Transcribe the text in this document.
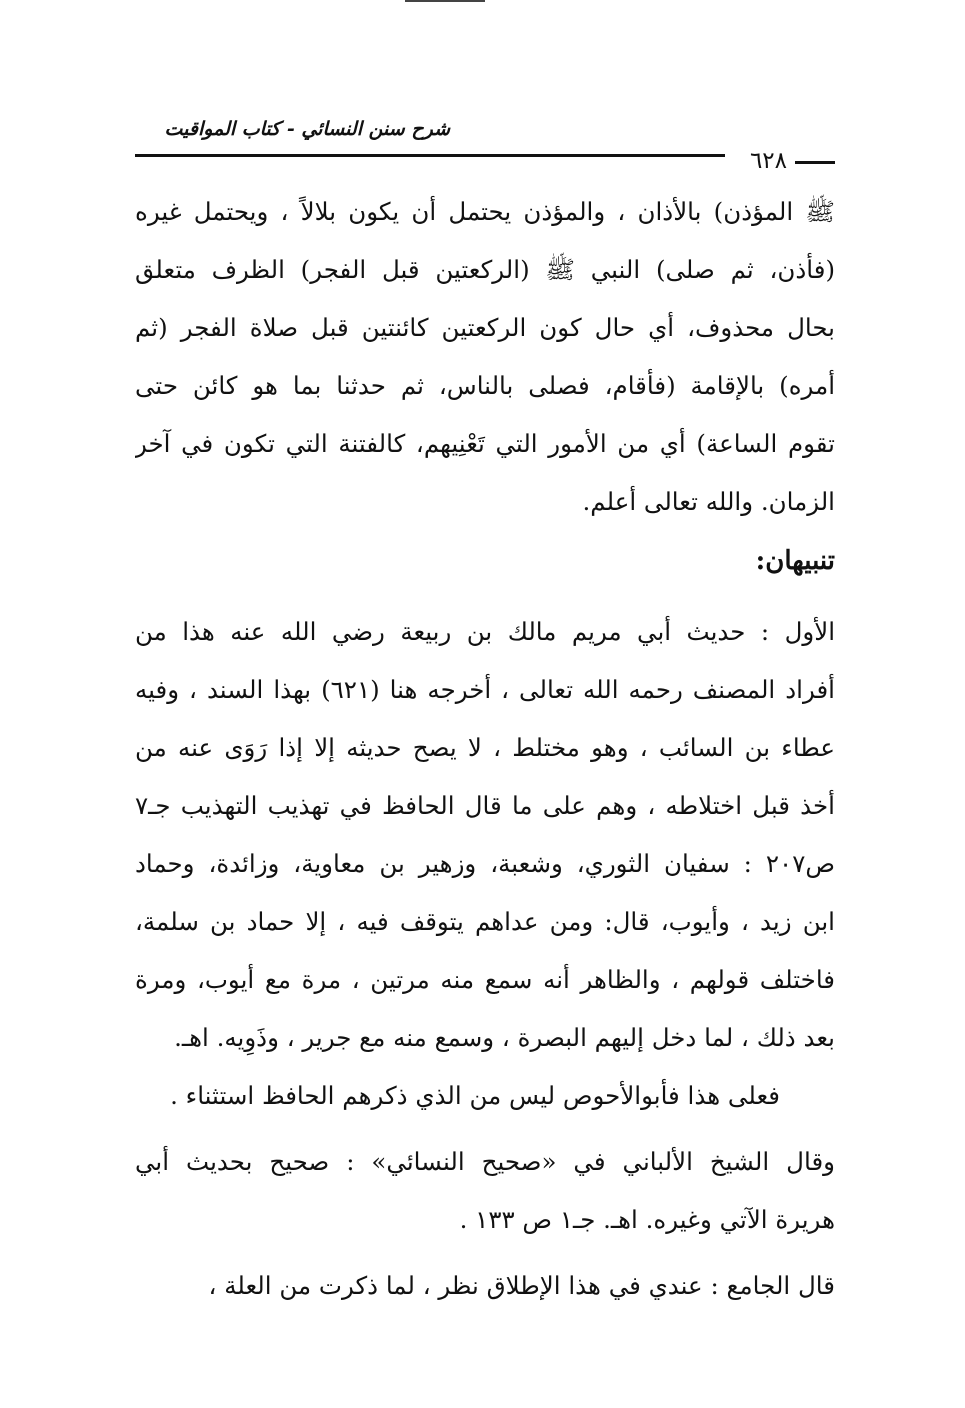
شرح سنن النسائي - كتاب المواقيت
٦٢٨
ﷺ المؤذن) بالأذان ، والمؤذن يحتمل أن يكون بلالاً ، ويحتمل غيره
(فأذن، ثم صلى) النبي ﷺ (الركعتين قبل الفجر) الظرف متعلق
بحال محذوف، أي حال كون الركعتين كائنتين قبل صلاة الفجر (ثم
أمره) بالإقامة (فأقام، فصلى بالناس، ثم حدثنا بما هو كائن حتى
تقوم الساعة) أي من الأمور التي تَعْنِيهم، كالفتنة التي تكون في آخر
الزمان. والله تعالى أعلم.
تنبيهان:
الأول : حديث أبي مريم مالك بن ربيعة رضي الله عنه هذا من
أفراد المصنف رحمه الله تعالى ، أخرجه هنا (٦٢١) بهذا السند ، وفيه
عطاء بن السائب ، وهو مختلط ، لا يصح حديثه إلا إذا رَوَى عنه من
أخذ قبل اختلاطه ، وهم على ما قال الحافظ في تهذيب التهذيب جـ٧
ص٢٠٧ : سفيان الثوري، وشعبة، وزهير بن معاوية، وزائدة، وحماد
ابن زيد ، وأيوب، قال: ومن عداهم يتوقف فيه ، إلا حماد بن سلمة،
فاختلف قولهم ، والظاهر أنه سمع منه مرتين ، مرة مع أيوب، ومرة
بعد ذلك ، لما دخل إليهم البصرة ، وسمع منه مع جرير ، وذَوِيه. اهـ.
فعلى هذا فأبوالأحوص ليس من الذي ذكرهم الحافظ استثناء .
وقال الشيخ الألباني في «صحيح النسائي» : صحيح بحديث أبي
هريرة الآتي وغيره. اهـ. جـ١ ص ١٣٣ .
قال الجامع : عندي في هذا الإطلاق نظر ، لما ذكرت من العلة ،
